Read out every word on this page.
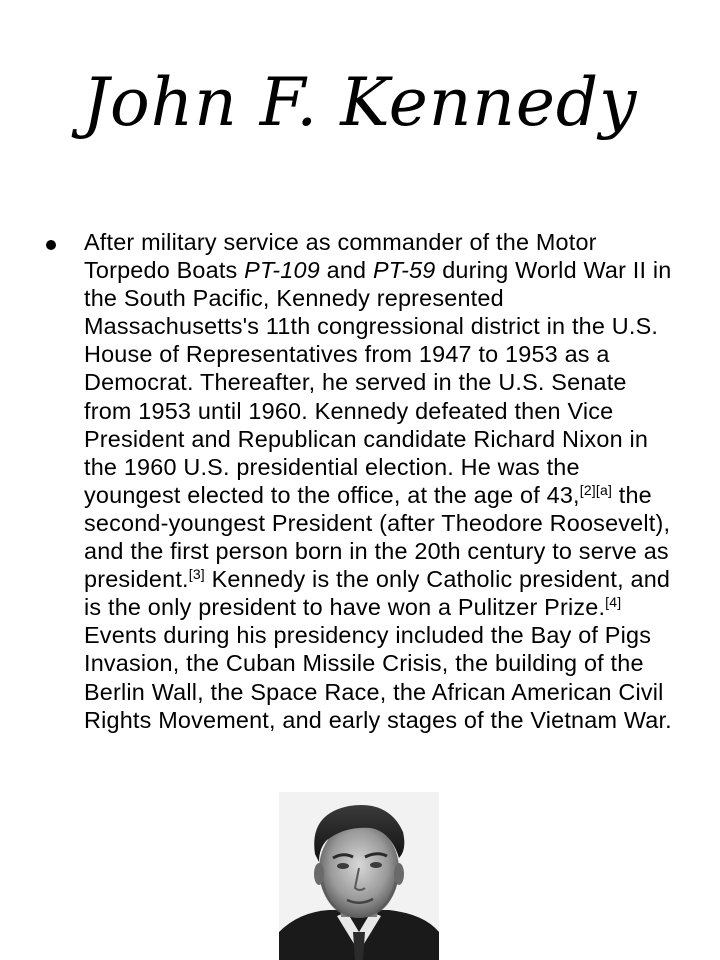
John F. Kennedy

After military service as commander of the Motor Torpedo Boats PT-109 and PT-59 during World War II in the South Pacific, Kennedy represented Massachusetts's 11th congressional district in the U.S. House of Representatives from 1947 to 1953 as a Democrat. Thereafter, he served in the U.S. Senate from 1953 until 1960. Kennedy defeated then Vice President and Republican candidate Richard Nixon in the 1960 U.S. presidential election. He was the youngest elected to the office, at the age of 43,[2][a] the second-youngest President (after Theodore Roosevelt), and the first person born in the 20th century to serve as president.[3] Kennedy is the only Catholic president, and is the only president to have won a Pulitzer Prize.[4] Events during his presidency included the Bay of Pigs Invasion, the Cuban Missile Crisis, the building of the Berlin Wall, the Space Race, the African American Civil Rights Movement, and early stages of the Vietnam War.
